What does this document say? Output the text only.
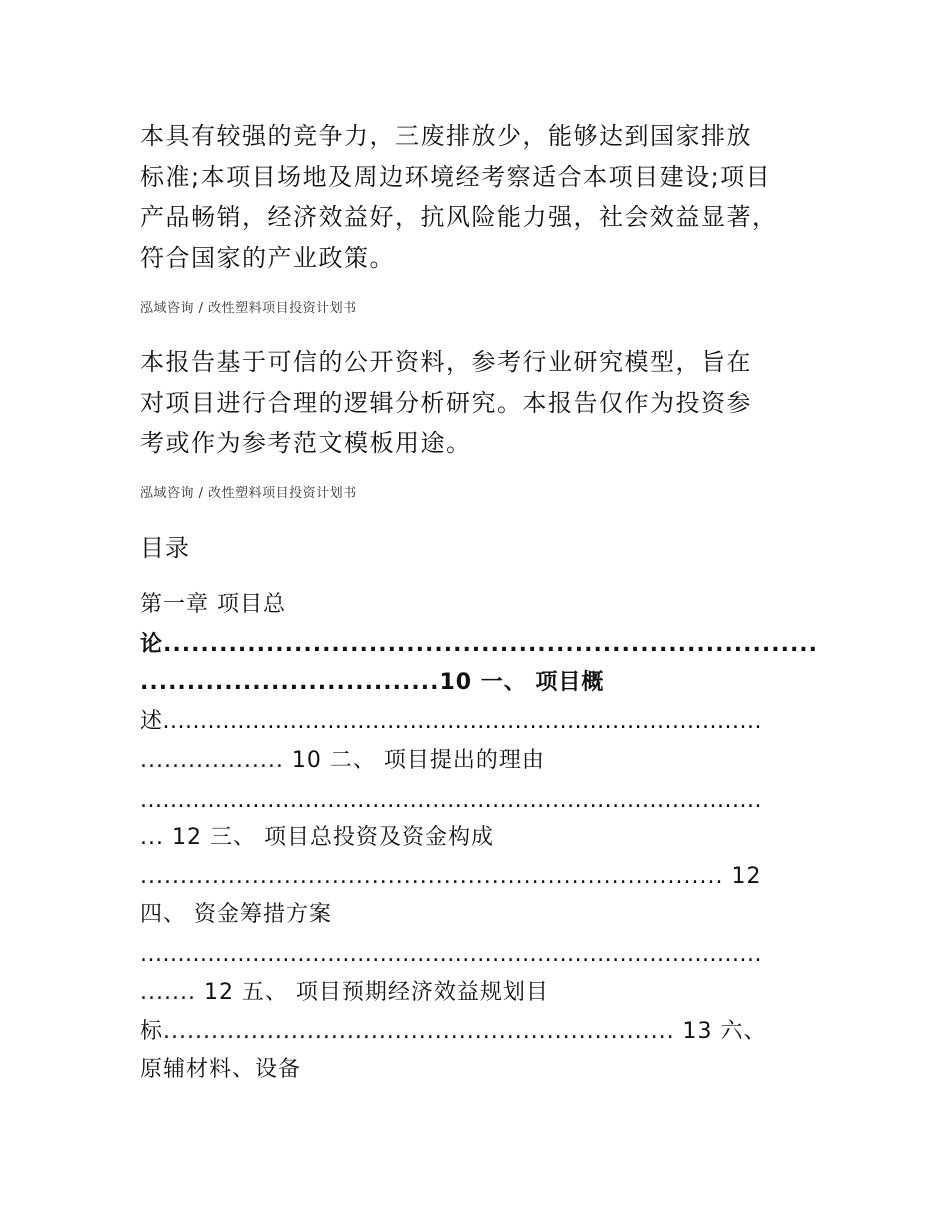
本具有较强的竞争力，三废排放少，能够达到国家排放
标准;本项目场地及周边环境经考察适合本项目建设;项目
产品畅销，经济效益好，抗风险能力强，社会效益显著，
符合国家的产业政策。

泓域咨询 / 改性塑料项目投资计划书

本报告基于可信的公开资料，参考行业研究模型，旨在
对项目进行合理的逻辑分析研究。本报告仅作为投资参
考或作为参考范文模板用途。

泓域咨询 / 改性塑料项目投资计划书
目录
第一章 项目总
论......................................................................
................................10 一、 项目概
述................................................................................
.................. 10 二、 项目提出的理由
...................................................................................
... 12 三、 项目总投资及资金构成
......................................................................... 12
四、 资金筹措方案
...................................................................................
....... 12 五、 项目预期经济效益规划目
标................................................................ 13 六、
原辅材料、设备
